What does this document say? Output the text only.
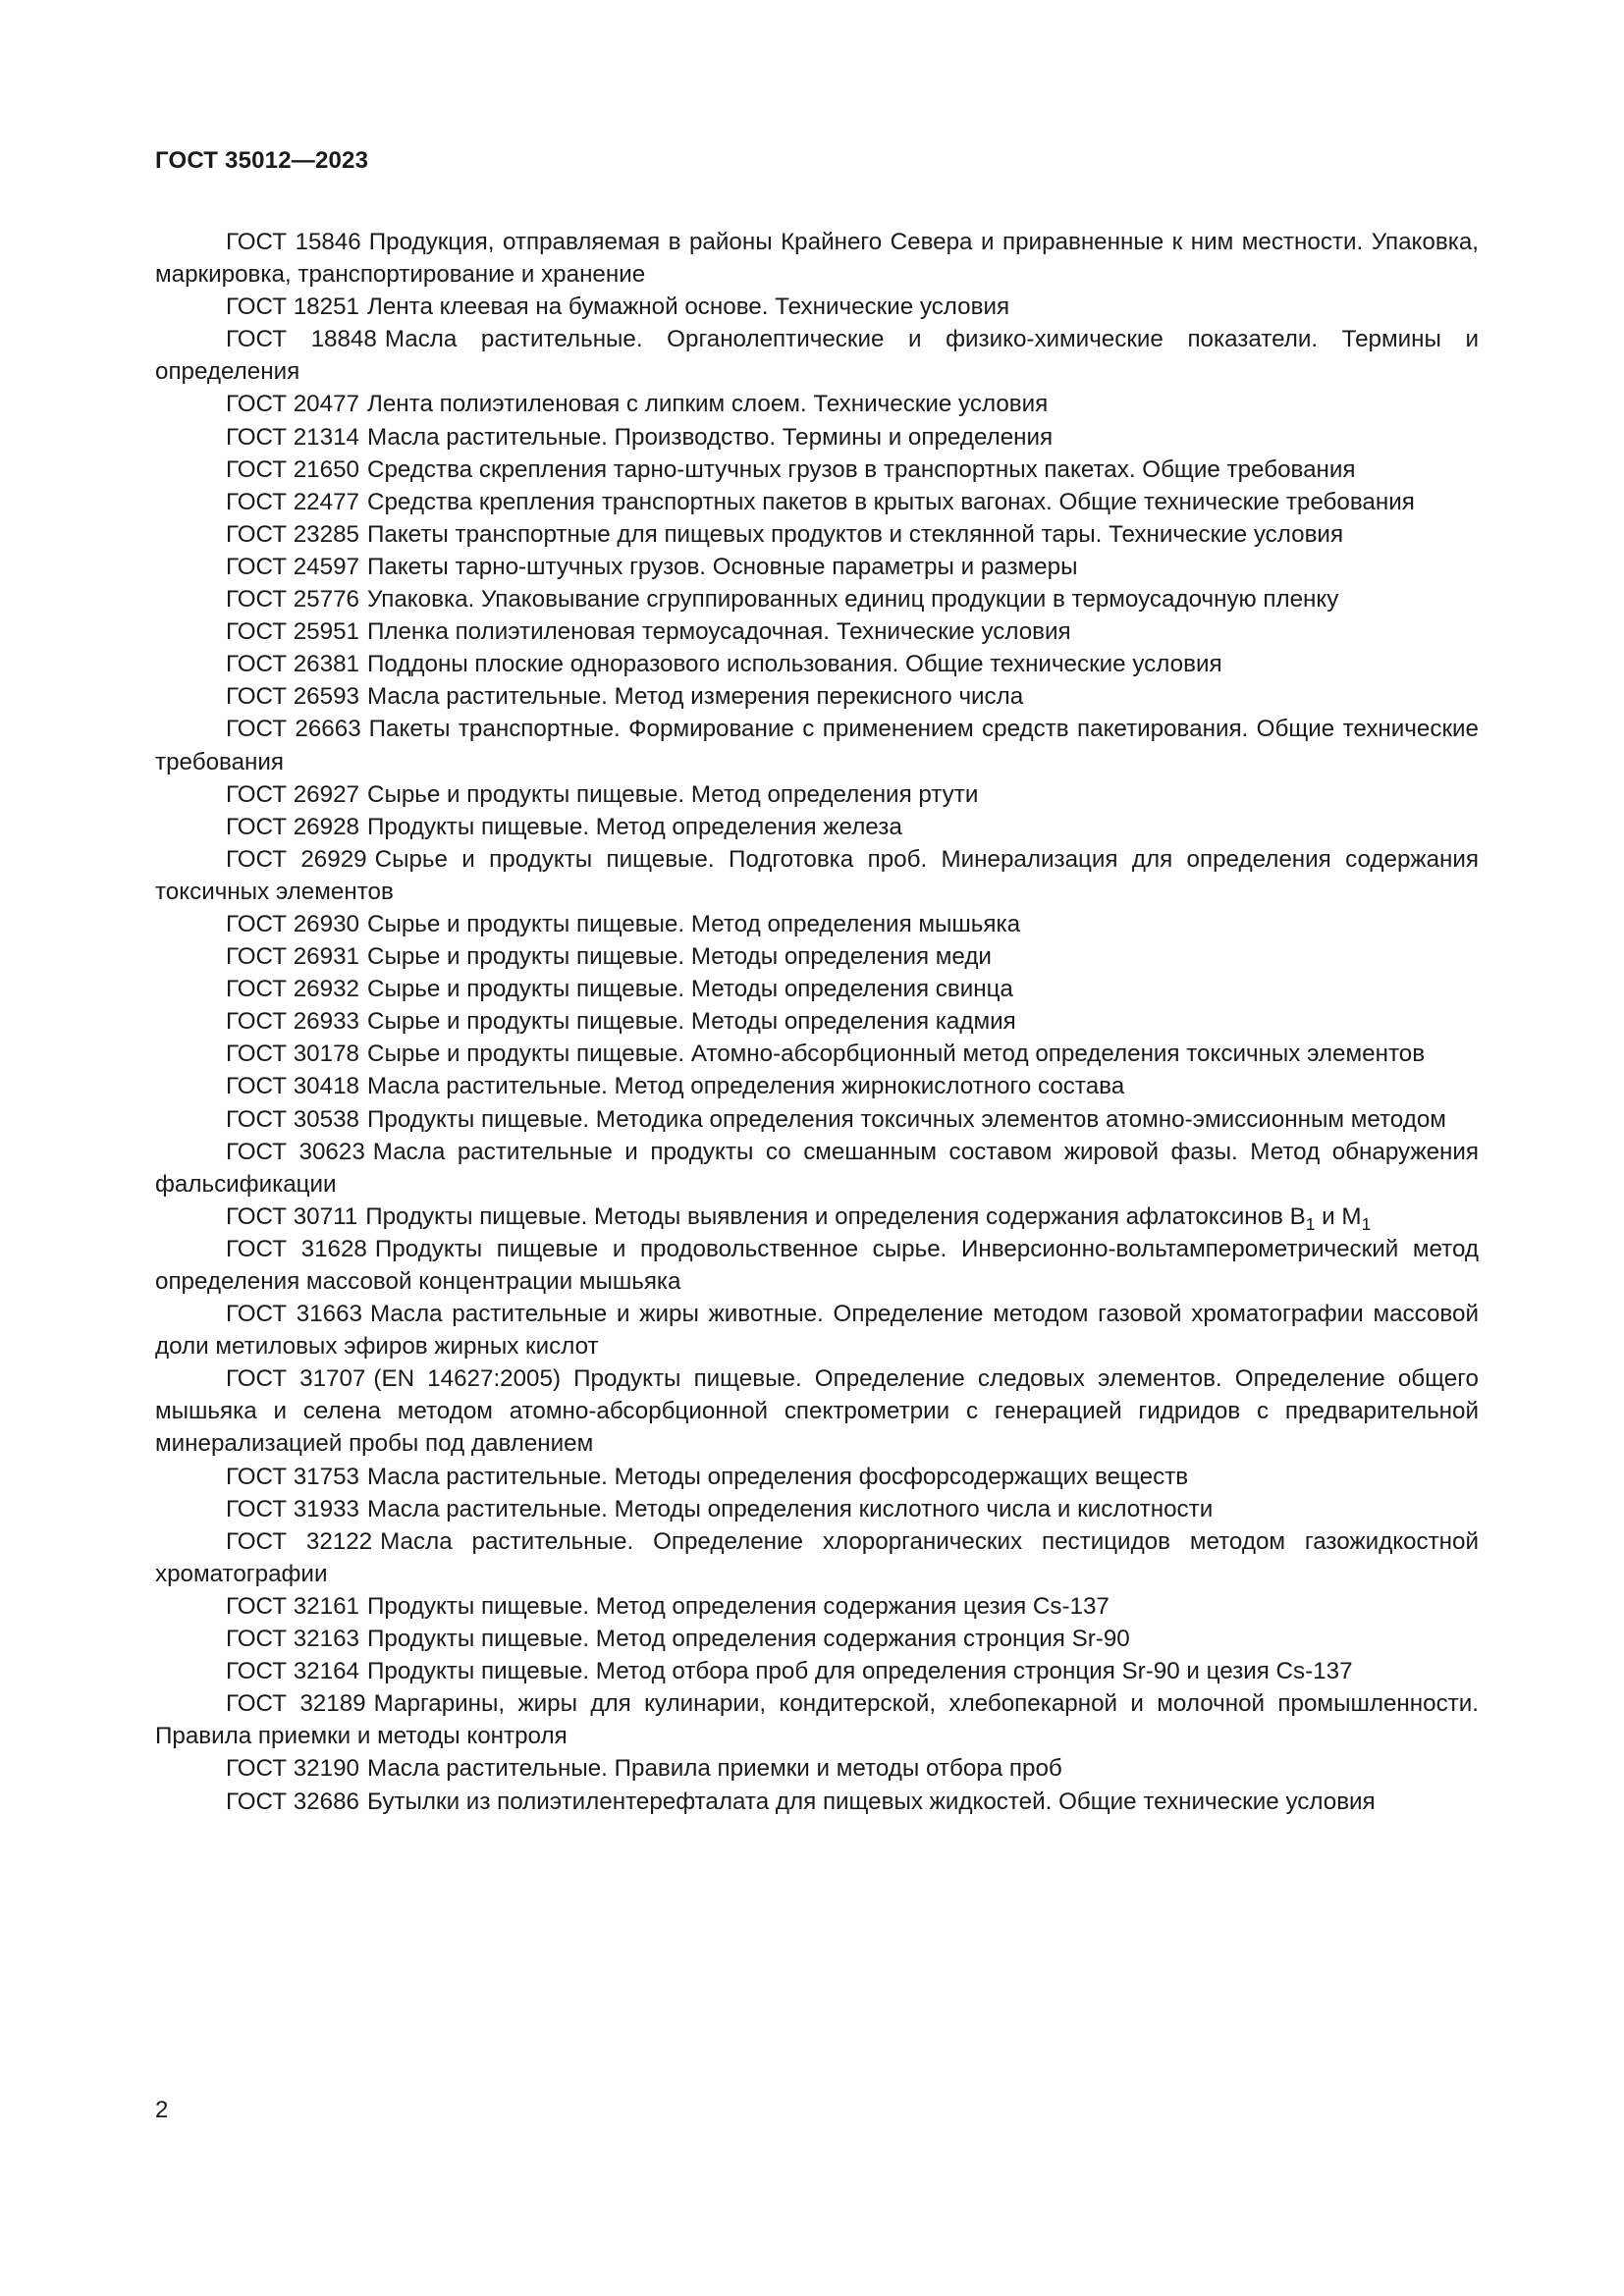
ГОСТ 35012—2023

ГОСТ 15846 Продукция, отправляемая в районы Крайнего Севера и приравненные к ним местности. Упаковка, маркировка, транспортирование и хранение

ГОСТ 18251 Лента клеевая на бумажной основе. Технические условия

ГОСТ 18848 Масла растительные. Органолептические и физико-химические показатели. Термины и определения

ГОСТ 20477 Лента полиэтиленовая с липким слоем. Технические условия

ГОСТ 21314 Масла растительные. Производство. Термины и определения

ГОСТ 21650 Средства скрепления тарно-штучных грузов в транспортных пакетах. Общие требования

ГОСТ 22477 Средства крепления транспортных пакетов в крытых вагонах. Общие технические требования

ГОСТ 23285 Пакеты транспортные для пищевых продуктов и стеклянной тары. Технические условия

ГОСТ 24597 Пакеты тарно-штучных грузов. Основные параметры и размеры

ГОСТ 25776 Упаковка. Упаковывание сгруппированных единиц продукции в термоусадочную пленку

ГОСТ 25951 Пленка полиэтиленовая термоусадочная. Технические условия

ГОСТ 26381 Поддоны плоские одноразового использования. Общие технические условия

ГОСТ 26593 Масла растительные. Метод измерения перекисного числа

ГОСТ 26663 Пакеты транспортные. Формирование с применением средств пакетирования. Общие технические требования

ГОСТ 26927 Сырье и продукты пищевые. Метод определения ртути

ГОСТ 26928 Продукты пищевые. Метод определения железа

ГОСТ 26929 Сырье и продукты пищевые. Подготовка проб. Минерализация для определения содержания токсичных элементов

ГОСТ 26930 Сырье и продукты пищевые. Метод определения мышьяка

ГОСТ 26931 Сырье и продукты пищевые. Методы определения меди

ГОСТ 26932 Сырье и продукты пищевые. Методы определения свинца

ГОСТ 26933 Сырье и продукты пищевые. Методы определения кадмия

ГОСТ 30178 Сырье и продукты пищевые. Атомно-абсорбционный метод определения токсичных элементов

ГОСТ 30418 Масла растительные. Метод определения жирнокислотного состава

ГОСТ 30538 Продукты пищевые. Методика определения токсичных элементов атомно-эмиссионным методом

ГОСТ 30623 Масла растительные и продукты со смешанным составом жировой фазы. Метод обнаружения фальсификации

ГОСТ 30711 Продукты пищевые. Методы выявления и определения содержания афлатоксинов $B_1$ и $M_1$

ГОСТ 31628 Продукты пищевые и продовольственное сырье. Инверсионно-вольтамперометрический метод определения массовой концентрации мышьяка

ГОСТ 31663 Масла растительные и жиры животные. Определение методом газовой хроматографии массовой доли метиловых эфиров жирных кислот

ГОСТ 31707 (EN 14627:2005) Продукты пищевые. Определение следовых элементов. Определение общего мышьяка и селена методом атомно-абсорбционной спектрометрии с генерацией гидридов с предварительной минерализацией пробы под давлением

ГОСТ 31753 Масла растительные. Методы определения фосфорсодержащих веществ

ГОСТ 31933 Масла растительные. Методы определения кислотного числа и кислотности

ГОСТ 32122 Масла растительные. Определение хлорорганических пестицидов методом газожидкостной хроматографии

ГОСТ 32161 Продукты пищевые. Метод определения содержания цезия Cs-137

ГОСТ 32163 Продукты пищевые. Метод определения содержания стронция Sr-90

ГОСТ 32164 Продукты пищевые. Метод отбора проб для определения стронция Sr-90 и цезия Cs-137

ГОСТ 32189 Маргарины, жиры для кулинарии, кондитерской, хлебопекарной и молочной промышленности. Правила приемки и методы контроля

ГОСТ 32190 Масла растительные. Правила приемки и методы отбора проб

ГОСТ 32686 Бутылки из полиэтилентерефталата для пищевых жидкостей. Общие технические условия

2
